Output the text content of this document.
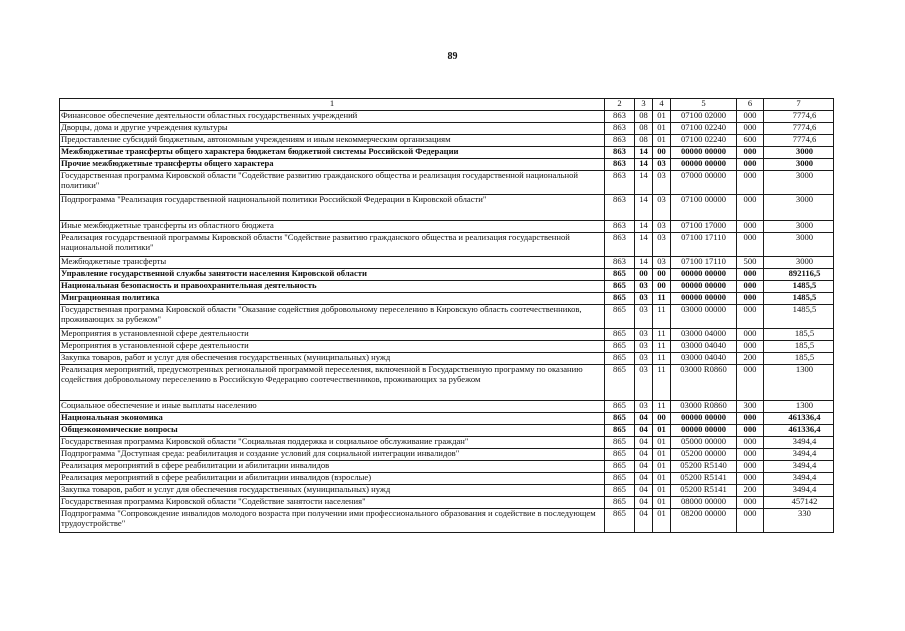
89
1	2	3	4	5	6	7
Финансовое обеспечение деятельности областных государственных учреждений	863	08	01	07100 02000	000	7774,6
Дворцы, дома и другие учреждения культуры	863	08	01	07100 02240	000	7774,6
Предоставление субсидий бюджетным, автономным учреждениям и иным некоммерческим организациям	863	08	01	07100 02240	600	7774,6
Межбюджетные трансферты общего характера бюджетам бюджетной системы Российской Федерации	863	14	00	00000 00000	000	3000
Прочие межбюджетные трансферты общего характера	863	14	03	00000 00000	000	3000
Государственная программа Кировской области "Содействие развитию гражданского общества и реализация государственной национальной политики"	863	14	03	07000 00000	000	3000
Подпрограмма "Реализация государственной национальной политики Российской Федерации в Кировской области"	863	14	03	07100 00000	000	3000
Иные межбюджетные трансферты из областного бюджета	863	14	03	07100 17000	000	3000
Реализация государственной программы Кировской области "Содействие развитию гражданского общества и реализация государственной национальной политики"	863	14	03	07100 17110	000	3000
Межбюджетные трансферты	863	14	03	07100 17110	500	3000
Управление государственной службы занятости населения Кировской области	865	00	00	00000 00000	000	892116,5
Национальная безопасность и правоохранительная деятельность	865	03	00	00000 00000	000	1485,5
Миграционная политика	865	03	11	00000 00000	000	1485,5
Государственная программа Кировской области "Оказание содействия добровольному переселению в Кировскую область соотечественников, проживающих за рубежом"	865	03	11	03000 00000	000	1485,5
Мероприятия в установленной сфере деятельности	865	03	11	03000 04000	000	185,5
Мероприятия в установленной сфере деятельности	865	03	11	03000 04040	000	185,5
Закупка товаров, работ и услуг для обеспечения государственных (муниципальных) нужд	865	03	11	03000 04040	200	185,5
Реализация мероприятий, предусмотренных региональной программой переселения, включенной в Государственную программу по оказанию содействия добровольному переселению в Российскую Федерацию соотечественников, проживающих за рубежом	865	03	11	03000 R0860	000	1300
Социальное обеспечение и иные выплаты населению	865	03	11	03000 R0860	300	1300
Национальная экономика	865	04	00	00000 00000	000	461336,4
Общеэкономические вопросы	865	04	01	00000 00000	000	461336,4
Государственная программа Кировской области "Социальная поддержка и социальное обслуживание граждан"	865	04	01	05000 00000	000	3494,4
Подпрограмма "Доступная среда: реабилитация и создание условий для социальной интеграции инвалидов"	865	04	01	05200 00000	000	3494,4
Реализация мероприятий в сфере реабилитации и абилитации инвалидов	865	04	01	05200 R5140	000	3494,4
Реализация мероприятий в сфере реабилитации и абилитации инвалидов (взрослые)	865	04	01	05200 R5141	000	3494,4
Закупка товаров, работ и услуг для обеспечения государственных (муниципальных) нужд	865	04	01	05200 R5141	200	3494,4
Государственная программа Кировской области "Содействие занятости населения"	865	04	01	08000 00000	000	457142
Подпрограмма "Сопровождение инвалидов молодого возраста при получении ими профессионального образования и содействие в последующем трудоустройстве"	865	04	01	08200 00000	000	330
